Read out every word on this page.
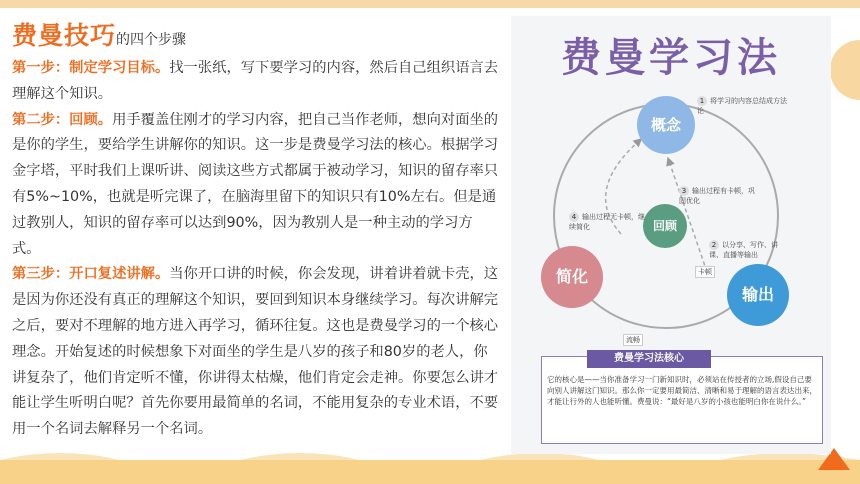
费曼技巧的四个步骤

第一步：制定学习目标。找一张纸，写下要学习的内容，然后自己组织语言去理解这个知识。

第二步：回顾。用手覆盖住刚才的学习内容，把自己当作老师，想向对面坐的是你的学生，要给学生讲解你的知识。这一步是费曼学习法的核心。根据学习金字塔，平时我们上课听讲、阅读这些方式都属于被动学习，知识的留存率只有5%~10%，也就是听完课了，在脑海里留下的知识只有10%左右。但是通过教别人，知识的留存率可以达到90%，因为教别人是一种主动的学习方式。

第三步：开口复述讲解。当你开口讲的时候，你会发现，讲着讲着就卡壳，这是因为你还没有真正的理解这个知识，要回到知识本身继续学习。每次讲解完之后，要对不理解的地方进入再学习，循环往复。这也是费曼学习的一个核心理念。开始复述的时候想象下对面坐的学生是八岁的孩子和80岁的老人，你讲复杂了，他们肯定听不懂，你讲得太枯燥，他们肯定会走神。你要怎么讲才能让学生听明白呢？首先你要用最简单的名词，不能用复杂的专业术语，不要用一个名词去解释另一个名词。

费曼学习法
概念
回顾
简化
输出
1 将学习的内容总结成方法论
3 输出过程有卡顿，巩固优化
4 输出过程无卡顿，继续简化
2 以分享、写作、讲课、直播等输出
卡顿
流畅
费曼学习法核心
它的核心是——当你准备学习一门新知识时，必须站在传授者的立场,假设自己要向别人讲解这门知识。那么你一定要用最简洁、清晰和易于理解的语言表达出来，才能让行外的人也能听懂。费曼说：“最好是八岁的小孩也能明白你在说什么。”
